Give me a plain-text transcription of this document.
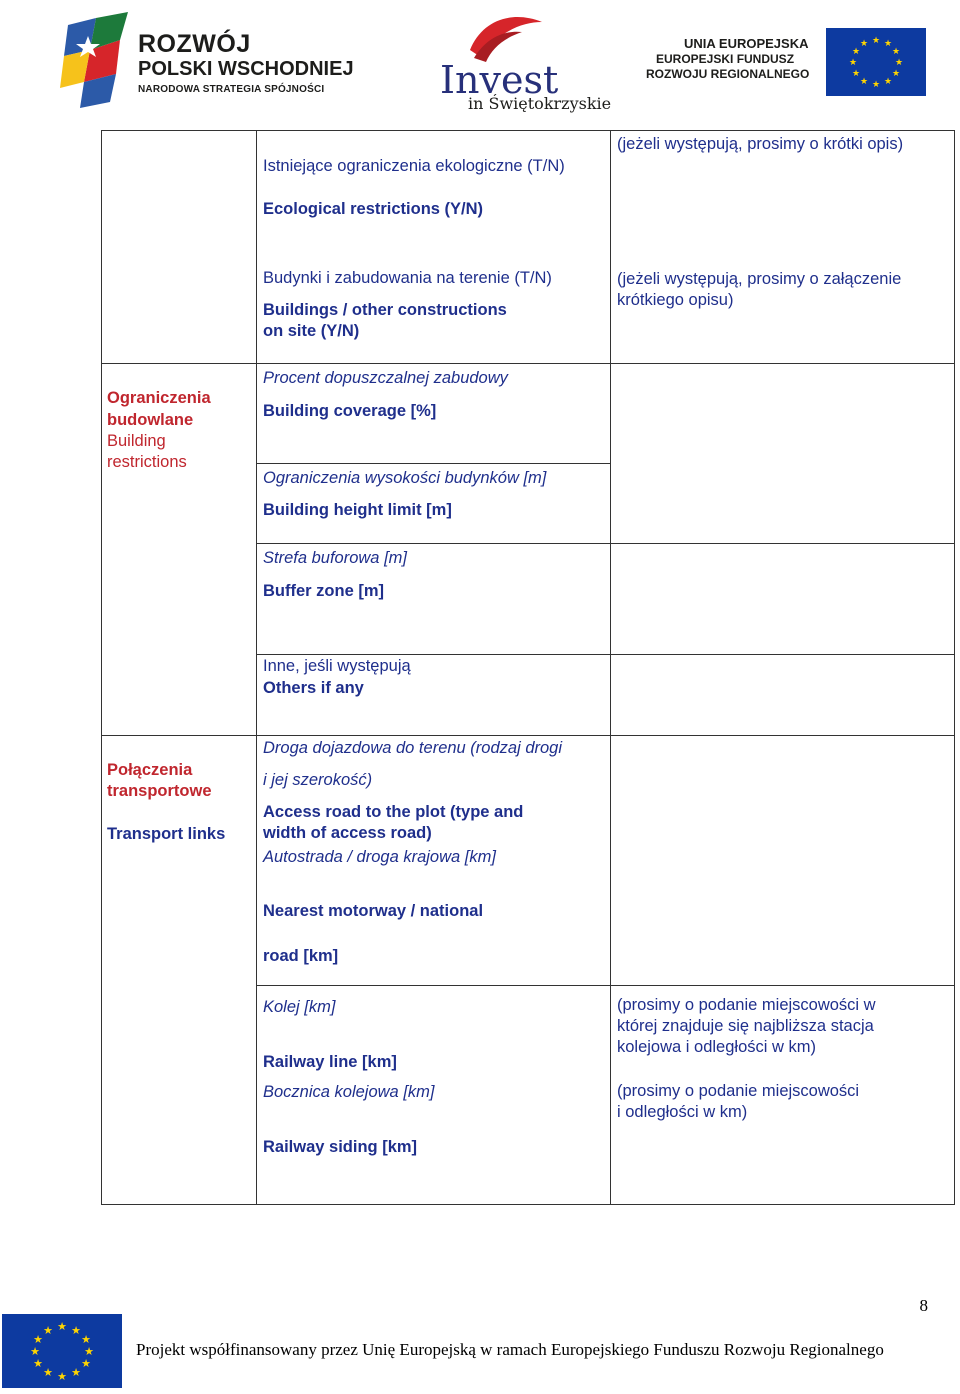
ROZWÓJ
POLSKI WSCHODNIEJ
NARODOWA STRATEGIA SPÓJNOŚCI	Invest
in Świętokrzyskie
UNIA EUROPEJSKA
EUROPEJSKI FUNDUSZ
ROZWOJU REGIONALNEGO
★ ★
★
★
★
★
★
★
★
★
★
★
Istniejące ograniczenia ekologiczne (T/N)
Ecological restrictions (Y/N)
(jeżeli występują, prosimy o krótki opis)
Budynki i zabudowania na terenie (T/N)
Buildings / other constructions
on site (Y/N)
(jeżeli występują, prosimy o załączenie
krótkiego opisu)
Ograniczenia
budowlane
Building
restrictions
Procent dopuszczalnej zabudowy
Building coverage [%]
Ograniczenia wysokości budynków [m]
Building height limit [m]
Strefa buforowa [m]
Buffer zone [m]
Inne, jeśli występują
Others if any
Połączenia
transportowe
Transport links
Droga dojazdowa do terenu (rodzaj drogi
i jej szerokość)
Access road to the plot (type and
width of access road)
Autostrada / droga krajowa [km]
Nearest motorway / national
road [km]
Kolej [km]
Railway line [km]
(prosimy o podanie miejscowości w
której znajduje się najbliższa stacja
kolejowa i odległości w km)
Bocznica kolejowa [km]
Railway siding [km]
(prosimy o podanie miejscowości
i odległości w km)
8
★ ★
★
★
★
★
★
★
★
★
★
★
Projekt współfinansowany przez Unię Europejską w ramach Europejskiego Funduszu Rozwoju Regionalnego
